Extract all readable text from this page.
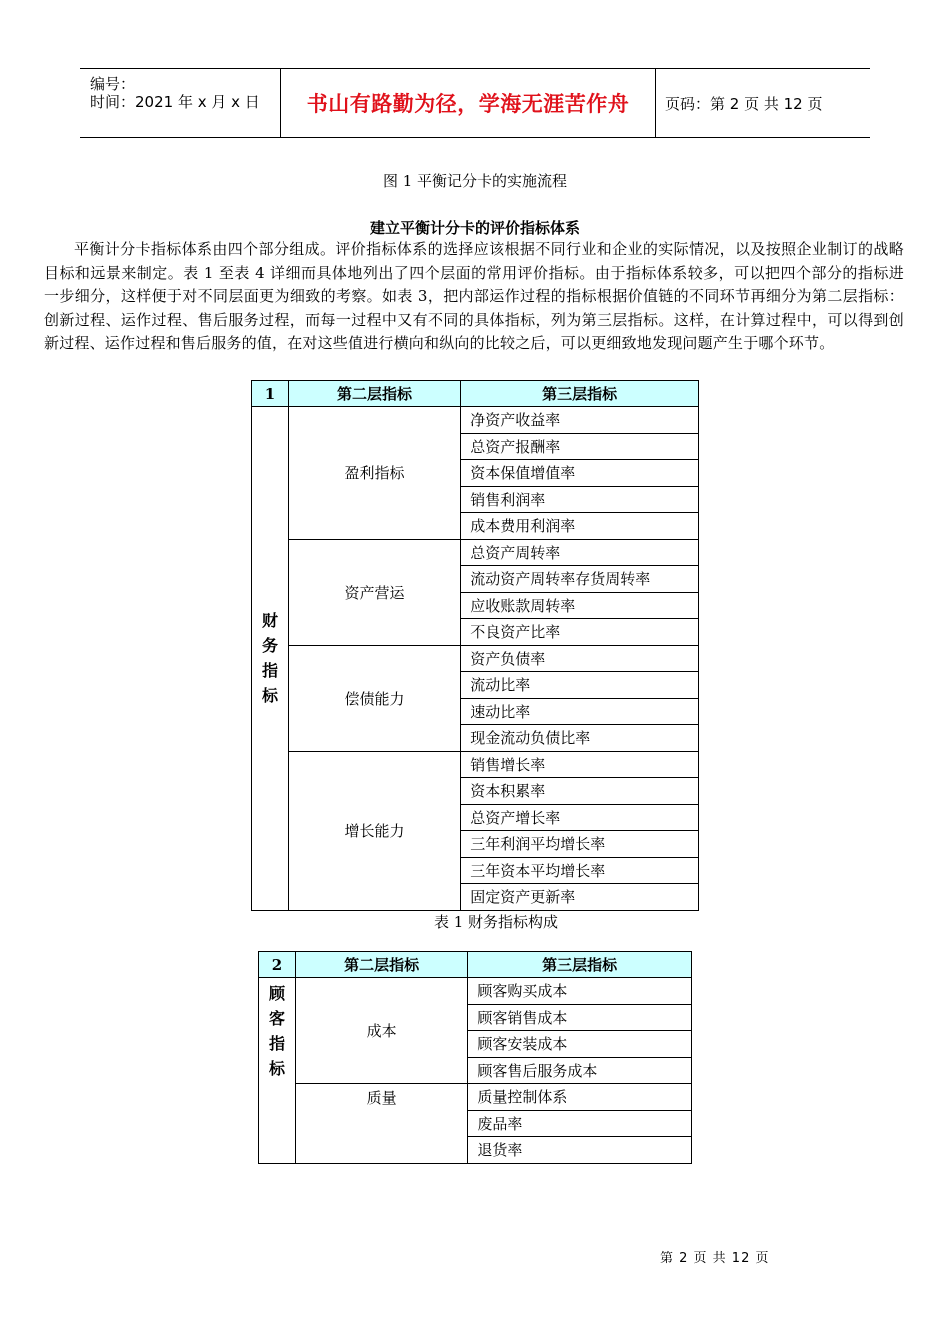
编号：
时间：2021 年 x 月 x 日	书山有路勤为径，学海无涯苦作舟	页码：第 2 页 共 12 页
图 1 平衡记分卡的实施流程
建立平衡计分卡的评价指标体系

平衡计分卡指标体系由四个部分组成。评价指标体系的选择应该根据不同行业和企业的实际情况，以及按照企业制订的战略目标和远景来制定。表 1 至表 4 详细而具体地列出了四个层面的常用评价指标。由于指标体系较多，可以把四个部分的指标进一步细分，这样便于对不同层面更为细致的考察。如表 3，把内部运作过程的指标根据价值链的不同环节再细分为第二层指标：创新过程、运作过程、售后服务过程，而每一过程中又有不同的具体指标，列为第三层指标。这样，在计算过程中，可以得到创新过程、运作过程和售后服务的值，在对这些值进行横向和纵向的比较之后，可以更细致地发现问题产生于哪个环节。

1	第二层指标	第三层指标

财
务
指
标	盈利指标	净资产收益率
		总资产报酬率
		资本保值增值率
		销售利润率
		成本费用利润率
	资产营运	总资产周转率
		流动资产周转率存货周转率
		应收账款周转率
		不良资产比率
	偿债能力	资产负债率
		流动比率
		速动比率
		现金流动负债比率
	增长能力	销售增长率
		资本积累率
		总资产增长率
		三年利润平均增长率
		三年资本平均增长率
		固定资产更新率
表 1 财务指标构成
2	第二层指标	第三层指标

顾
客
指
标	成本	顾客购买成本
		顾客销售成本
		顾客安装成本
		顾客售后服务成本
	质量	质量控制体系
		废品率
		退货率
第 2 页 共 12 页
